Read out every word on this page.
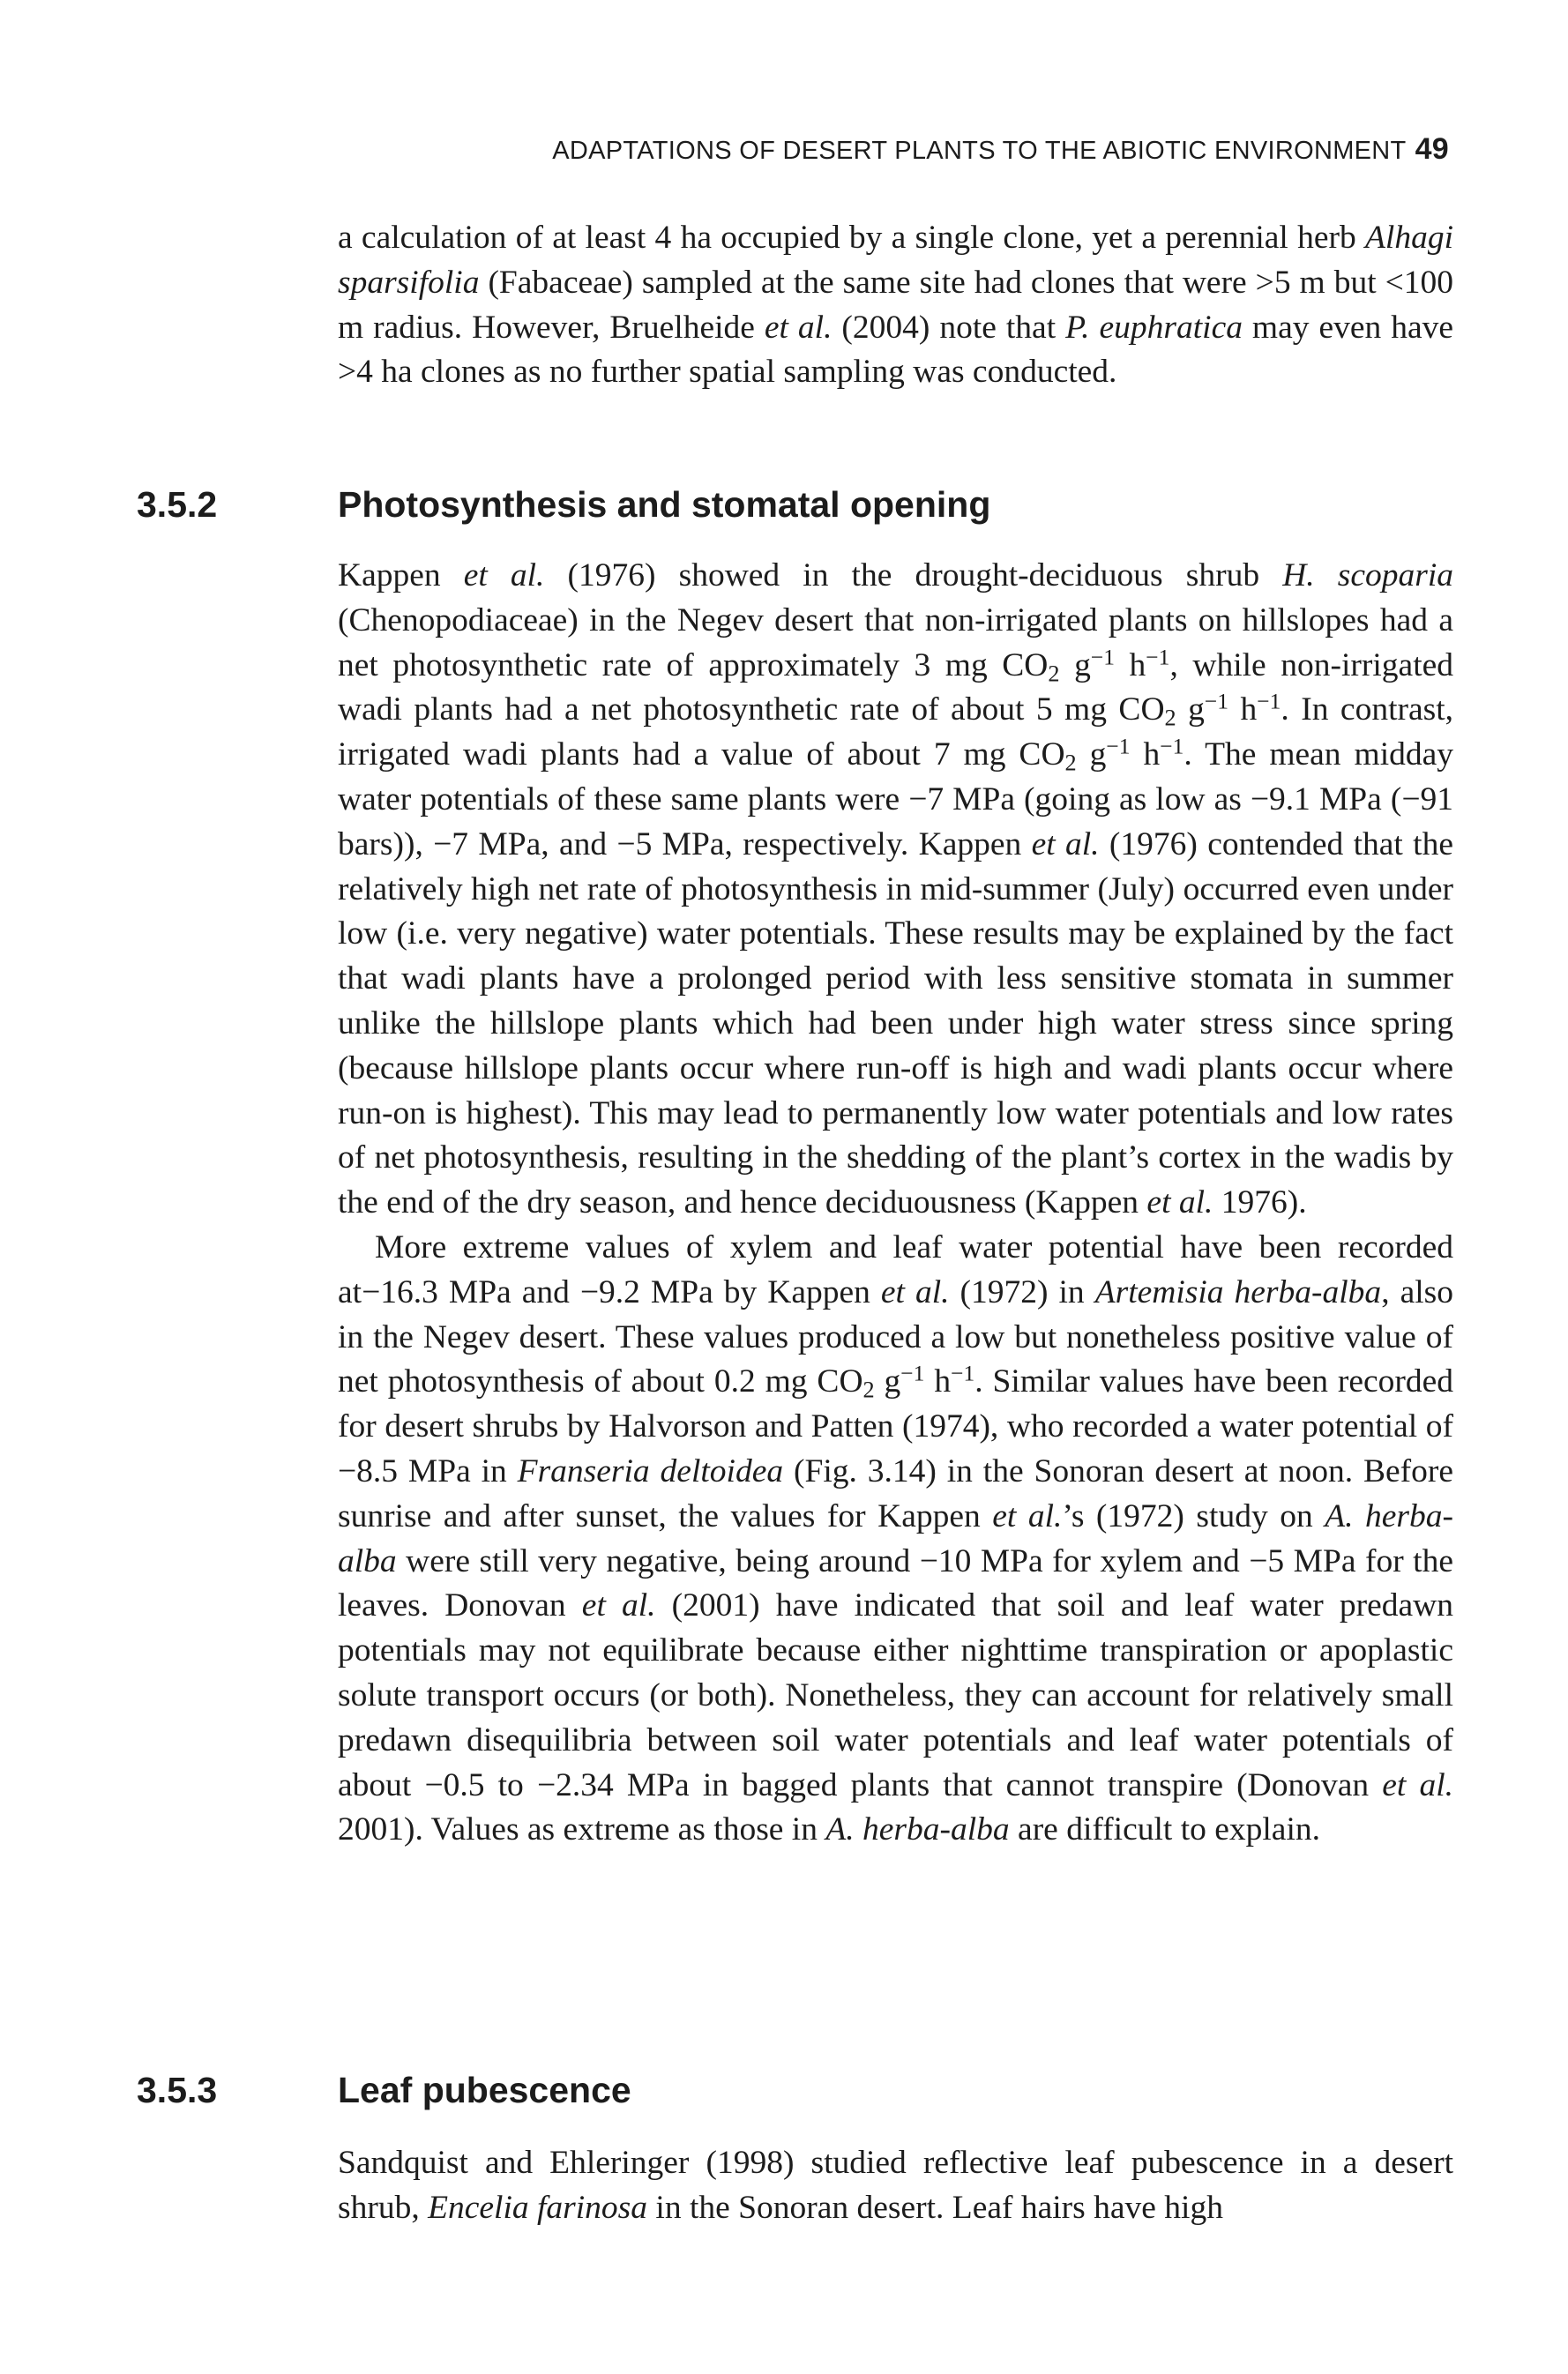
ADAPTATIONS OF DESERT PLANTS TO THE ABIOTIC ENVIRONMENT 49

a calculation of at least 4 ha occupied by a single clone, yet a perennial herb Alhagi sparsifolia (Fabaceae) sampled at the same site had clones that were >5 m but <100 m radius. However, Bruelheide et al. (2004) note that P. euphratica may even have >4 ha clones as no further spatial sampling was conducted.

3.5.2	Photosynthesis and stomatal opening

Kappen et al. (1976) showed in the drought-deciduous shrub H. scoparia (Chenopodiaceae) in the Negev desert that non-irrigated plants on hillslopes had a net photosynthetic rate of approximately 3 mg $CO_2$ $g^{-1}$ $h^{-1}$, while non-irrigated wadi plants had a net photosynthetic rate of about 5 mg $CO_2$ $g^{-1}$ $h^{-1}$. In contrast, irrigated wadi plants had a value of about 7 mg $CO_2$ $g^{-1}$ $h^{-1}$. The mean midday water potentials of these same plants were −7 MPa (going as low as −9.1 MPa (−91 bars)), −7 MPa, and −5 MPa, respectively. Kappen et al. (1976) contended that the relatively high net rate of photosynthesis in mid-summer (July) occurred even under low (i.e. very negative) water potentials. These results may be explained by the fact that wadi plants have a prolonged period with less sensitive stomata in summer unlike the hillslope plants which had been under high water stress since spring (because hillslope plants occur where run-off is high and wadi plants occur where run-on is highest). This may lead to permanently low water potentials and low rates of net photosynthesis, resulting in the shedding of the plant’s cortex in the wadis by the end of the dry season, and hence deciduousness (Kappen et al. 1976).

More extreme values of xylem and leaf water potential have been recorded at−16.3 MPa and −9.2 MPa by Kappen et al. (1972) in Artemisia herba-alba, also in the Negev desert. These values produced a low but nonetheless positive value of net photosynthesis of about 0.2 mg $CO_2$ $g^{-1}$ $h^{-1}$. Similar values have been recorded for desert shrubs by Halvorson and Patten (1974), who recorded a water potential of −8.5 MPa in Franseria deltoidea (Fig. 3.14) in the Sonoran desert at noon. Before sunrise and after sunset, the values for Kappen et al.’s (1972) study on A. herba-alba were still very negative, being around −10 MPa for xylem and −5 MPa for the leaves. Donovan et al. (2001) have indicated that soil and leaf water predawn potentials may not equilibrate because either nighttime transpiration or apoplastic solute transport occurs (or both). Nonetheless, they can account for relatively small predawn disequilibria between soil water potentials and leaf water potentials of about −0.5 to −2.34 MPa in bagged plants that cannot transpire (Donovan et al. 2001). Values as extreme as those in A. herba-alba are difficult to explain.

3.5.3	Leaf pubescence

Sandquist and Ehleringer (1998) studied reflective leaf pubescence in a desert shrub, Encelia farinosa in the Sonoran desert. Leaf hairs have high
